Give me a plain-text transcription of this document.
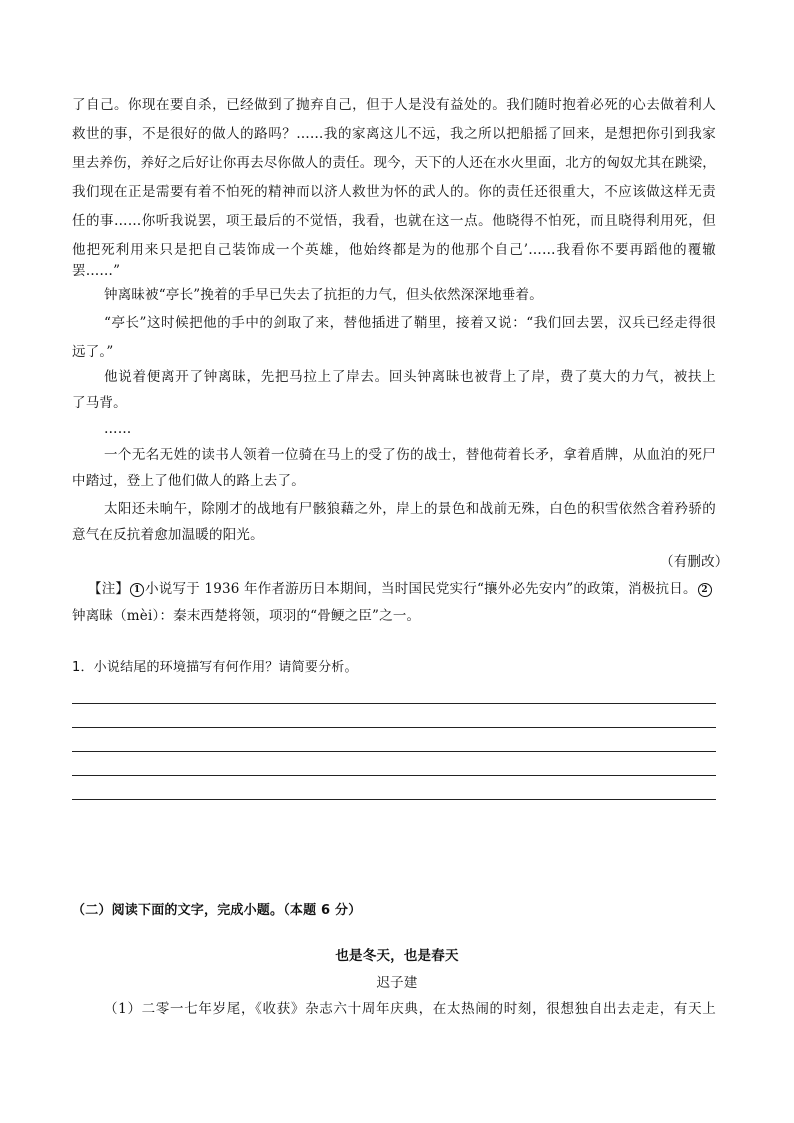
了自己。你现在要自杀，已经做到了抛弃自己，但于人是没有益处的。我们随时抱着必死的心去做着利人
救世的事，不是很好的做人的路吗？……我的家离这儿不远，我之所以把船摇了回来，是想把你引到我家
里去养伤，养好之后好让你再去尽你做人的责任。现今，天下的人还在水火里面，北方的匈奴尤其在跳梁，
我们现在正是需要有着不怕死的精神而以济人救世为怀的武人的。你的责任还很重大，不应该做这样无责
任的事……你听我说罢，项王最后的不觉悟，我看，也就在这一点。他晓得不怕死，而且晓得利用死，但
他把死利用来只是把自己装饰成一个英雄，他始终都是为的他那个自己’……我看你不要再蹈他的覆辙
罢……”
钟离昧被“亭长”挽着的手早已失去了抗拒的力气，但头依然深深地垂着。
“亭长”这时候把他的手中的剑取了来，替他插进了鞘里，接着又说：“我们回去罢，汉兵已经走得很
远了。”
他说着便离开了钟离昧，先把马拉上了岸去。回头钟离昧也被背上了岸，费了莫大的力气，被扶上
了马背。
……
一个无名无姓的读书人领着一位骑在马上的受了伤的战士，替他荷着长矛，拿着盾牌，从血泊的死尸
中踏过，登上了他们做人的路上去了。
太阳还未晌午，除刚才的战地有尸骸狼藉之外，岸上的景色和战前无殊，白色的积雪依然含着矜骄的
意气在反抗着愈加温暖的阳光。
（有删改）
【注】 1 小说写于 1936 年作者游历日本期间，当时国民党实行“攘外必先安内”的政策，消极抗日。 2
钟离昧（mèi）：秦末西楚将领，项羽的“骨鲠之臣”之一。
1．小说结尾的环境描写有何作用？请简要分析。
（二）阅读下面的文字，完成小题。（本题 6 分）
也是冬天，也是春天
迟子建
（1）二零一七年岁尾，《收获》杂志六十周年庆典，在太热闹的时刻，很想独自出去走走，有天上
